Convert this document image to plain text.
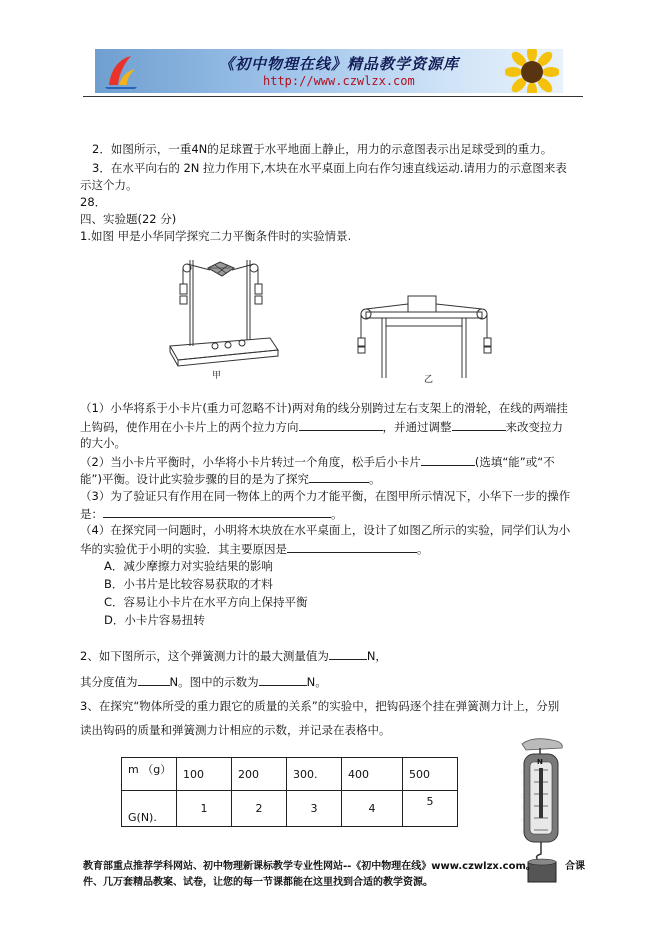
《初中物理在线》精品教学资源库
http://www.czwlzx.com
2．如图所示，一重4N的足球置于水平地面上静止，用力的示意图表示出足球受到的重力。
3．在水平向右的 2N 拉力作用下,木块在水平桌面上向右作匀速直线运动.请用力的示意图来表
示这个力。
28．
四、实验题(22 分)
1.如图 甲是小华同学探究二力平衡条件时的实验情景.
甲	乙
（1）小华将系于小卡片(重力可忽略不计)两对角的线分别跨过左右支架上的滑轮，在线的两端挂
上钩码，使作用在小卡片上的两个拉力方向	，并通过调整	来改变拉力
的大小。
（2）当小卡片平衡时，小华将小卡片转过一个角度，松手后小卡片	(选填“能”或“不
能”)平衡。设计此实验步骤的目的是为了探究	。
（3）为了验证只有作用在同一物体上的两个力才能平衡，在图甲所示情况下，小华下一步的操作
是：	。
（4）在探究同一问题时，小明将木块放在水平桌面上，设计了如图乙所示的实验，同学们认为小
华的实验优于小明的实验．其主要原因是	。
A．减少摩擦力对实验结果的影响
B．小书片是比较容易获取的才料
C．容易让小卡片在水平方向上保持平衡
D．小卡片容易扭转
2、如下图所示，这个弹簧测力计的最大测量值为	N，
其分度值为	N。图中的示数为	N。
3、在探究“物体所受的重力跟它的质量的关系”的实验中，把钩码逐个挂在弹簧测力计上，分别
读出钩码的质量和弹簧测力计相应的示数，并记录在表格中。
m （g）	100	200	300.	400	500
G(N).	1	2	3	4	5
N
0
1
2
3
4
5
教育部重点推荐学科网站、初中物理新课标教学专业性网站--《初中物理在线》www.czwlzx.com。	合课
件、几万套精品教案、试卷，让您的每一节课都能在这里找到合适的教学资源。
